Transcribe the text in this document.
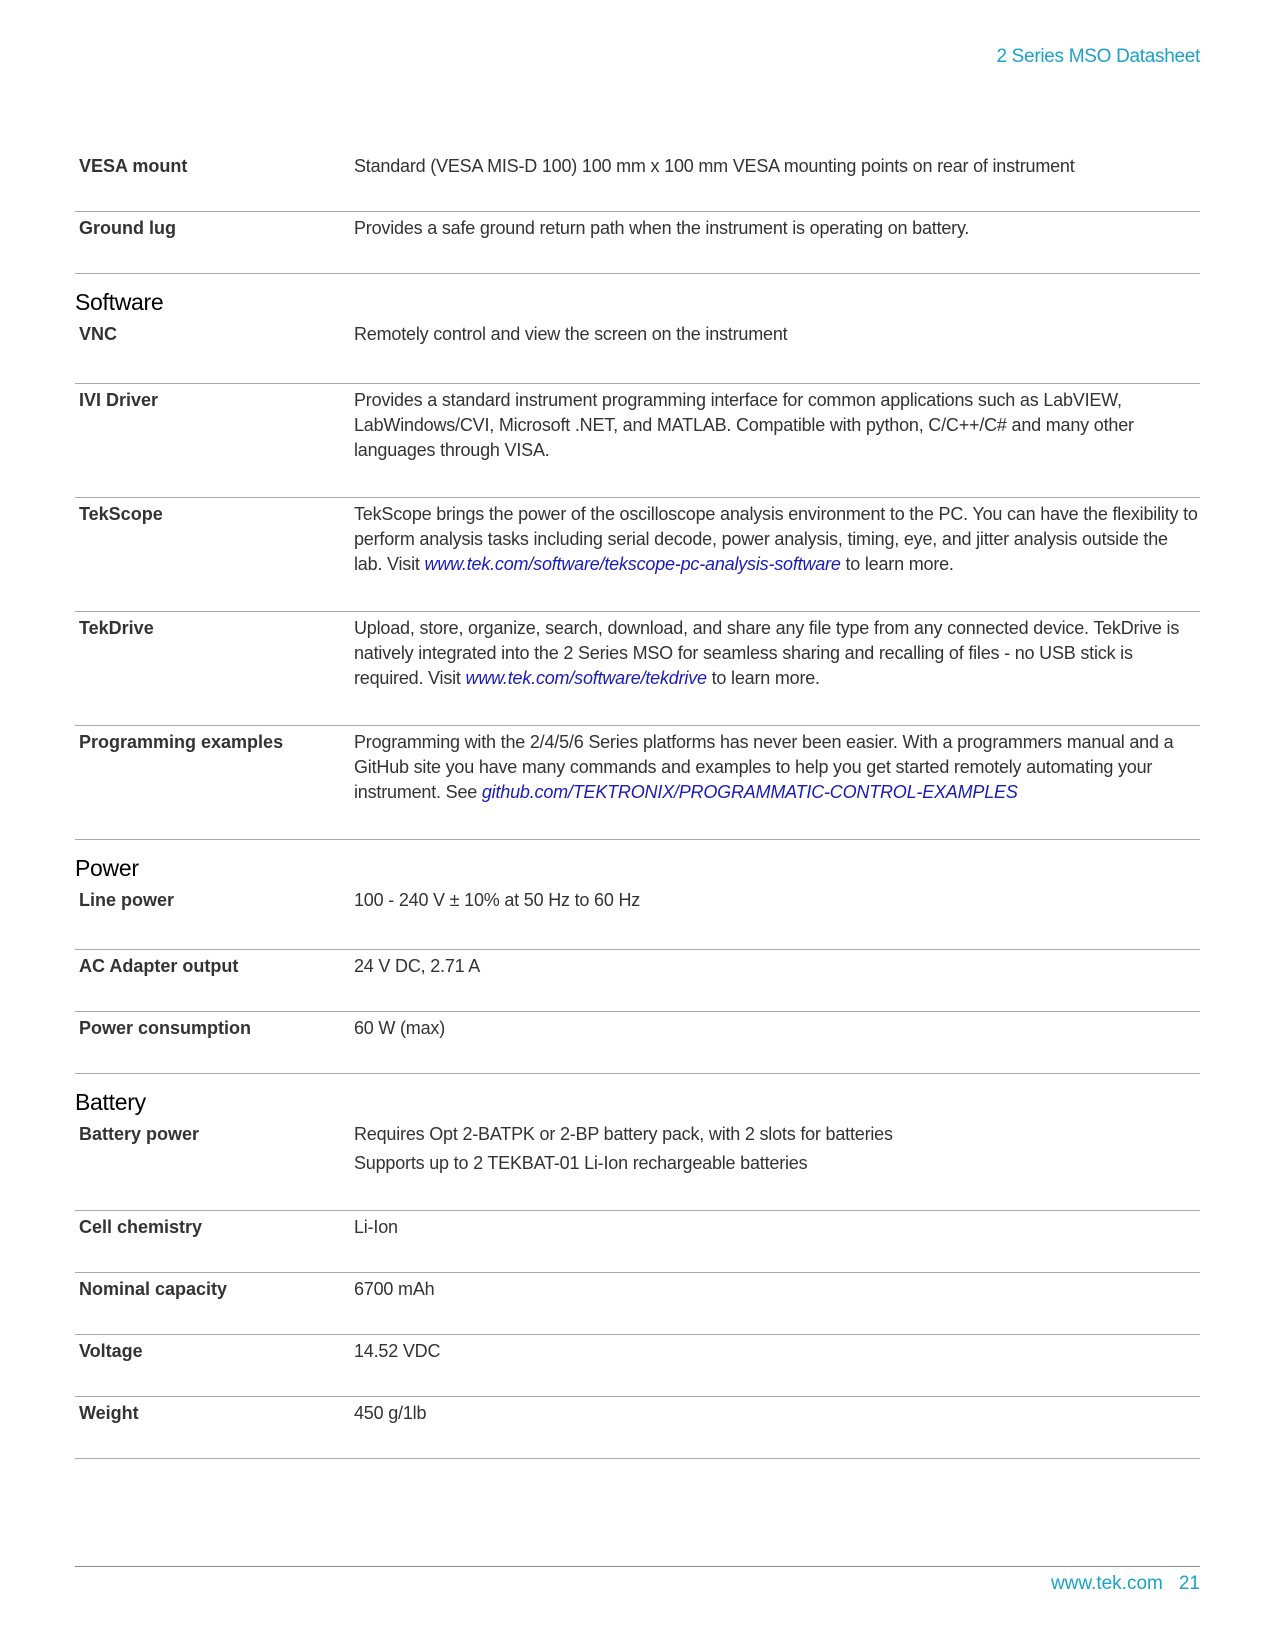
2 Series MSO Datasheet
VESA mount	Standard (VESA MIS-D 100) 100 mm x 100 mm VESA mounting points on rear of instrument
Ground lug	Provides a safe ground return path when the instrument is operating on battery.
Software
VNC	Remotely control and view the screen on the instrument
IVI Driver	Provides a standard instrument programming interface for common applications such as LabVIEW, LabWindows/CVI, Microsoft .NET, and MATLAB. Compatible with python, C/C++/C# and many other languages through VISA.
TekScope	TekScope brings the power of the oscilloscope analysis environment to the PC. You can have the flexibility to perform analysis tasks including serial decode, power analysis, timing, eye, and jitter analysis outside the lab. Visit www.tek.com/software/tekscope-pc-analysis-software to learn more.
TekDrive	Upload, store, organize, search, download, and share any file type from any connected device. TekDrive is natively integrated into the 2 Series MSO for seamless sharing and recalling of files - no USB stick is required. Visit www.tek.com/software/tekdrive to learn more.
Programming examples	Programming with the 2/4/5/6 Series platforms has never been easier. With a programmers manual and a GitHub site you have many commands and examples to help you get started remotely automating your instrument. See github.com/TEKTRONIX/PROGRAMMATIC-CONTROL-EXAMPLES
Power
Line power	100 - 240 V ± 10% at 50 Hz to 60 Hz
AC Adapter output	24 V DC, 2.71 A
Power consumption	60 W (max)
Battery
Battery power	Requires Opt 2-BATPK or 2-BP battery pack, with 2 slots for batteries

Supports up to 2 TEKBAT-01 Li-Ion rechargeable batteries

Cell chemistry	Li-Ion
Nominal capacity	6700 mAh
Voltage	14.52 VDC
Weight	450 g/1lb
www.tek.com 21
